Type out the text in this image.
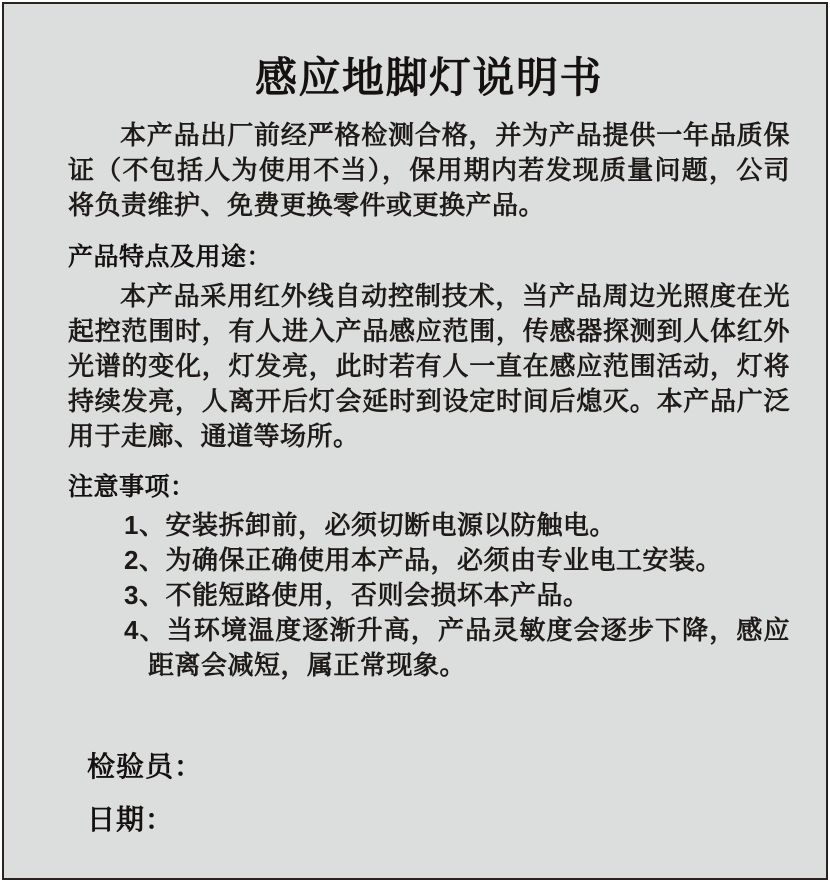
感应地脚灯说明书

本产品出厂前经严格检测合格，并为产品提供一年品质保证（不包括人为使用不当），保用期内若发现质量问题，公司将负责维护、免费更换零件或更换产品。

产品特点及用途：

本产品采用红外线自动控制技术，当产品周边光照度在光起控范围时，有人进入产品感应范围，传感器探测到人体红外光谱的变化，灯发亮，此时若有人一直在感应范围活动，灯将持续发亮，人离开后灯会延时到设定时间后熄灭。本产品广泛用于走廊、通道等场所。

注意事项：
1、安装拆卸前，必须切断电源以防触电。
2、为确保正确使用本产品，必须由专业电工安装。
3、不能短路使用，否则会损坏本产品。
4、当环境温度逐渐升高，产品灵敏度会逐步下降，感应距离会减短，属正常现象。
检验员：
日期：
